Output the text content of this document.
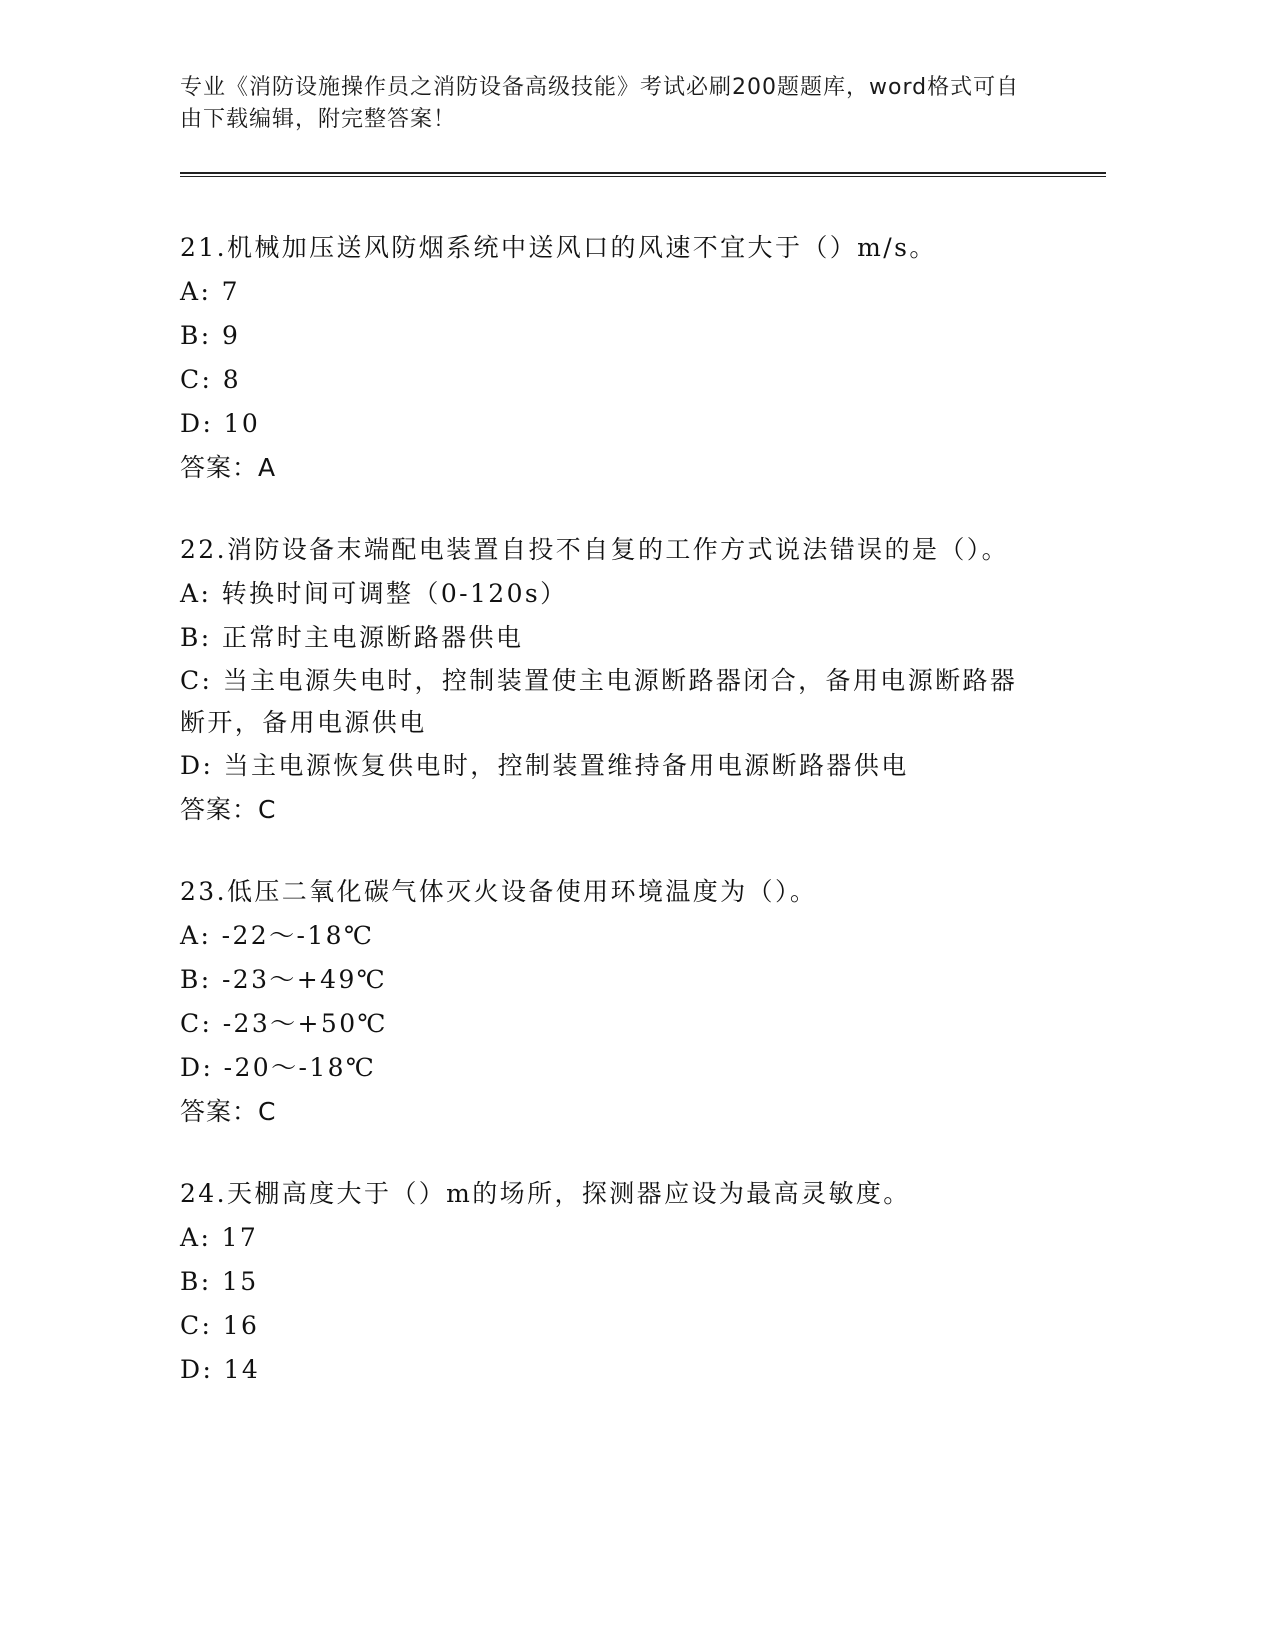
专业《消防设施操作员之消防设备高级技能》考试必刷200题题库，word格式可自由下载编辑，附完整答案！
21.机械加压送风防烟系统中送风口的风速不宜大于（）m/s。
A: 7
B: 9
C: 8
D: 10
答案：A
22.消防设备末端配电装置自投不自复的工作方式说法错误的是（）。
A: 转换时间可调整（0-120s）
B: 正常时主电源断路器供电
C: 当主电源失电时，控制装置使主电源断路器闭合，备用电源断路器断开，备用电源供电
D: 当主电源恢复供电时，控制装置维持备用电源断路器供电
答案：C
23.低压二氧化碳气体灭火设备使用环境温度为（）。
A: -22～-18℃
B: -23～+49℃
C: -23～+50℃
D: -20～-18℃
答案：C
24.天棚高度大于（）m的场所，探测器应设为最高灵敏度。
A: 17
B: 15
C: 16
D: 14
